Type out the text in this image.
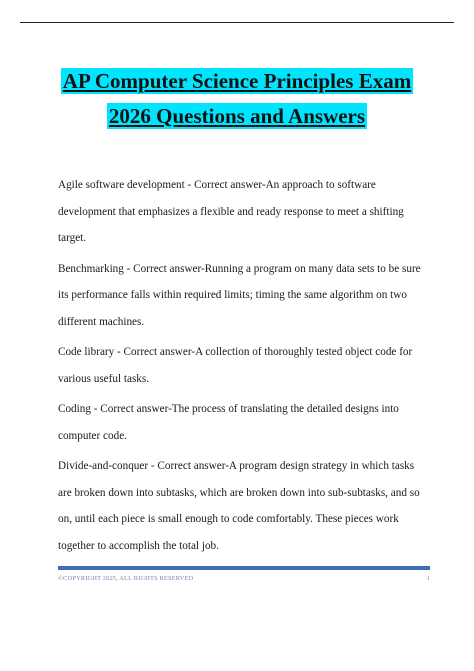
AP Computer Science Principles Exam
2026 Questions and Answers

Agile software development - Correct answer-An approach to software development that emphasizes a flexible and ready response to meet a shifting target.

Benchmarking - Correct answer-Running a program on many data sets to be sure its performance falls within required limits; timing the same algorithm on two different machines.

Code library - Correct answer-A collection of thoroughly tested object code for various useful tasks.

Coding - Correct answer-The process of translating the detailed designs into computer code.

Divide-and-conquer - Correct answer-A program design strategy in which tasks are broken down into subtasks, which are broken down into sub-subtasks, and so on, until each piece is small enough to code comfortably. These pieces work together to accomplish the total job.

©COPYRIGHT 2025, ALL RIGHTS RESERVED	1
